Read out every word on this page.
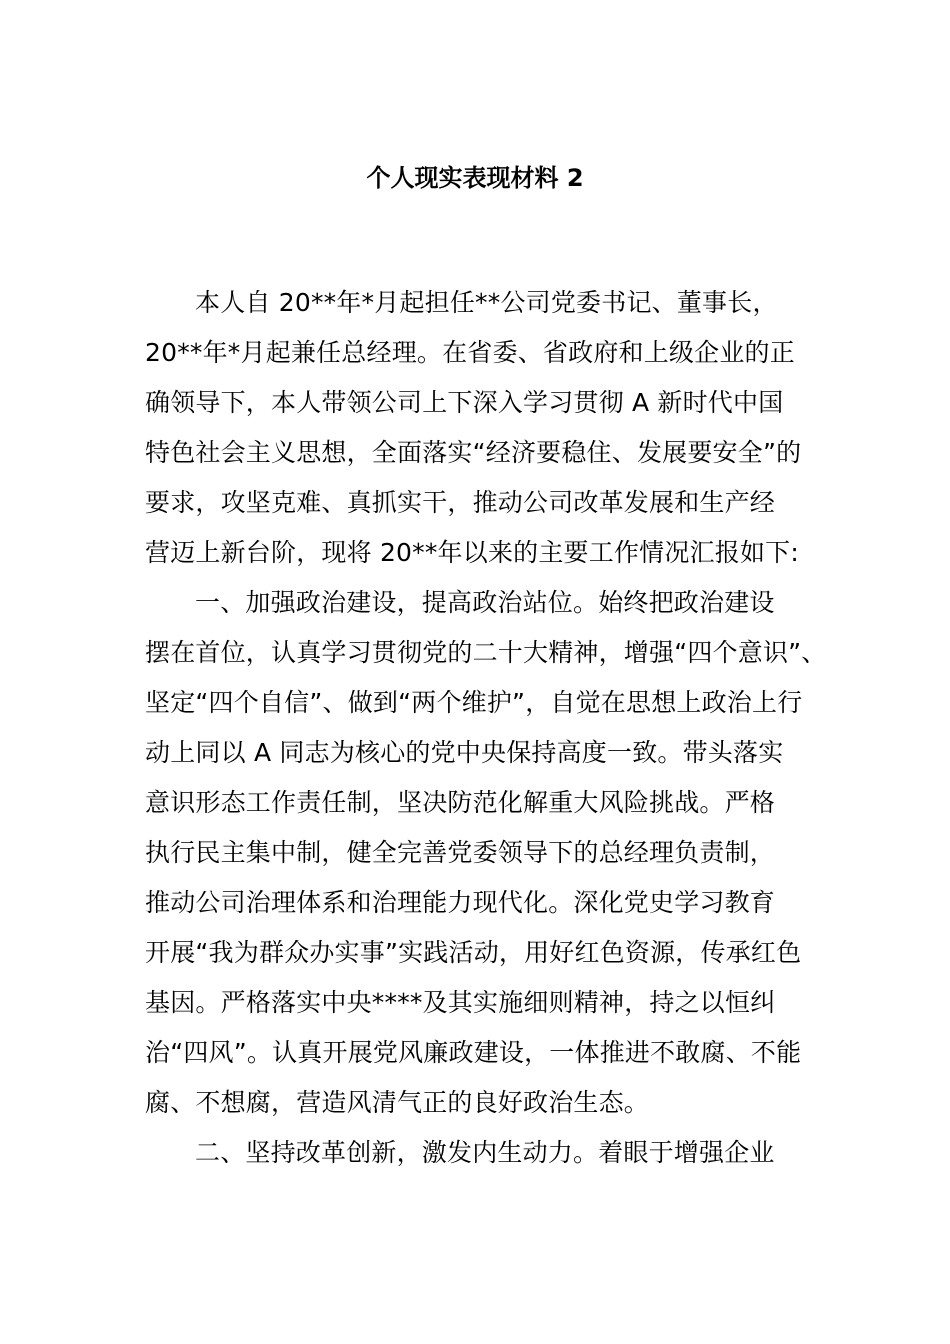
个人现实表现材料 2
本人自 20**年*月起担任**公司党委书记、董事长，
20**年*月起兼任总经理。在省委、省政府和上级企业的正
确领导下，本人带领公司上下深入学习贯彻 A 新时代中国
特色社会主义思想，全面落实“经济要稳住、发展要安全”的
要求，攻坚克难、真抓实干，推动公司改革发展和生产经
营迈上新台阶，现将 20**年以来的主要工作情况汇报如下:
一、加强政治建设，提高政治站位。始终把政治建设
摆在首位，认真学习贯彻党的二十大精神，增强“四个意识”、
坚定“四个自信”、做到“两个维护”，自觉在思想上政治上行
动上同以 A 同志为核心的党中央保持高度一致。带头落实
意识形态工作责任制，坚决防范化解重大风险挑战。严格
执行民主集中制，健全完善党委领导下的总经理负责制，
推动公司治理体系和治理能力现代化。深化党史学习教育
开展“我为群众办实事”实践活动，用好红色资源，传承红色
基因。严格落实中央****及其实施细则精神，持之以恒纠
治“四风”。认真开展党风廉政建设，一体推进不敢腐、不能
腐、不想腐，营造风清气正的良好政治生态。
二、坚持改革创新，激发内生动力。着眼于增强企业
